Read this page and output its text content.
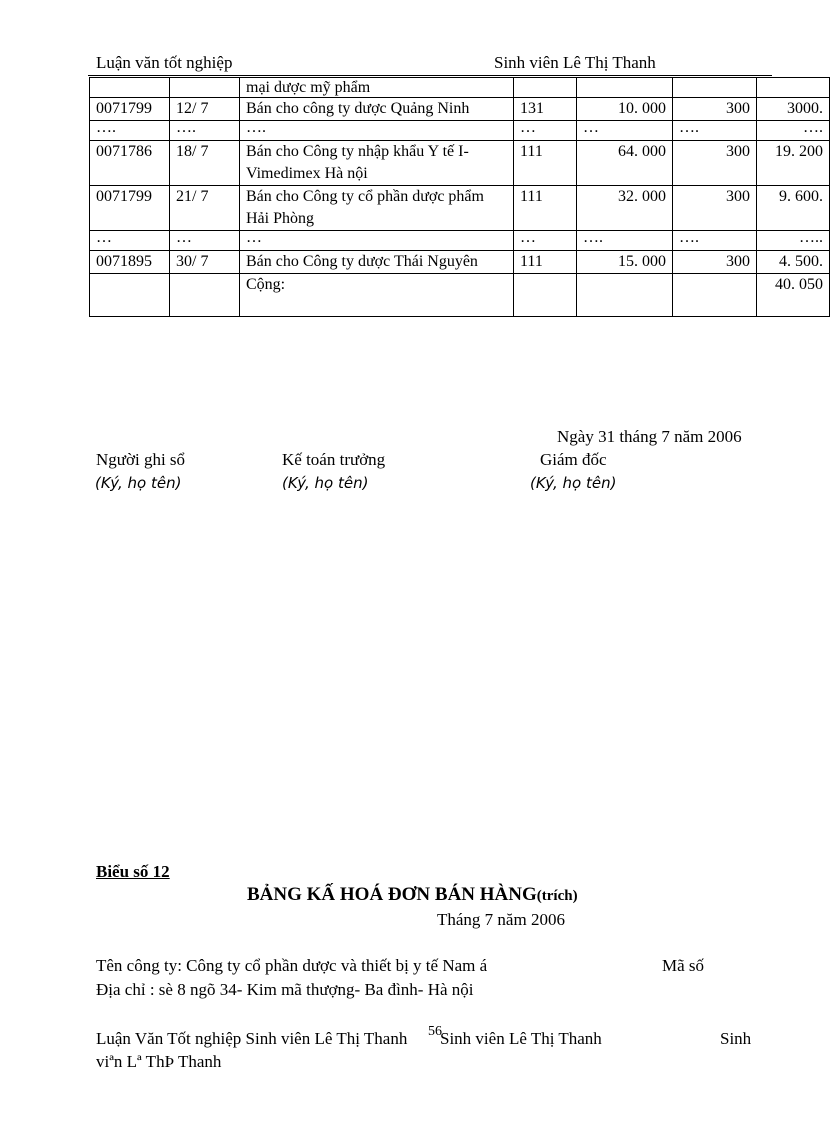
Luận văn tốt nghiệp	Sinh viên Lê Thị Thanh
		mại dược mỹ phẩm				
0071799	12/ 7	Bán cho công ty dược Quảng Ninh	131	10. 000	300	3000.
….	….	….	…	…	….	….
0071786	18/ 7	Bán cho Công ty nhập khẩu Y tế I- Vimedimex Hà nội	111	64. 000	300	19. 200
0071799	21/ 7	Bán cho Công ty cổ phần dược phẩm Hải Phòng	111	32. 000	300	9. 600.
…	…	…	…	….	….	…..
0071895	30/ 7	Bán cho Công ty dược Thái Nguyên	111	15. 000	300	4. 500.
		Cộng:				40. 050
Ngày 31 tháng 7 năm 2006
Người ghi sổ	Kế toán trưởng	Giám đốc
(Ký, họ tên)	(Ký, họ tên)	(Ký, họ tên)
Biểu số 12
BẢNG KẤ HOÁ ĐƠN BÁN HÀNG(trích)
Tháng 7 năm 2006
Tên công ty: Công ty cổ phần dược và thiết bị y tế Nam á	Mã số
Địa chỉ : sè 8 ngõ 34- Kim mã thượng- Ba đình- Hà nội
Luận Văn Tốt nghiệp Sinh viên Lê Thị Thanh 56
Sinh viên Lê Thị Thanh	Sinh
viªn Lª ThÞ Thanh
